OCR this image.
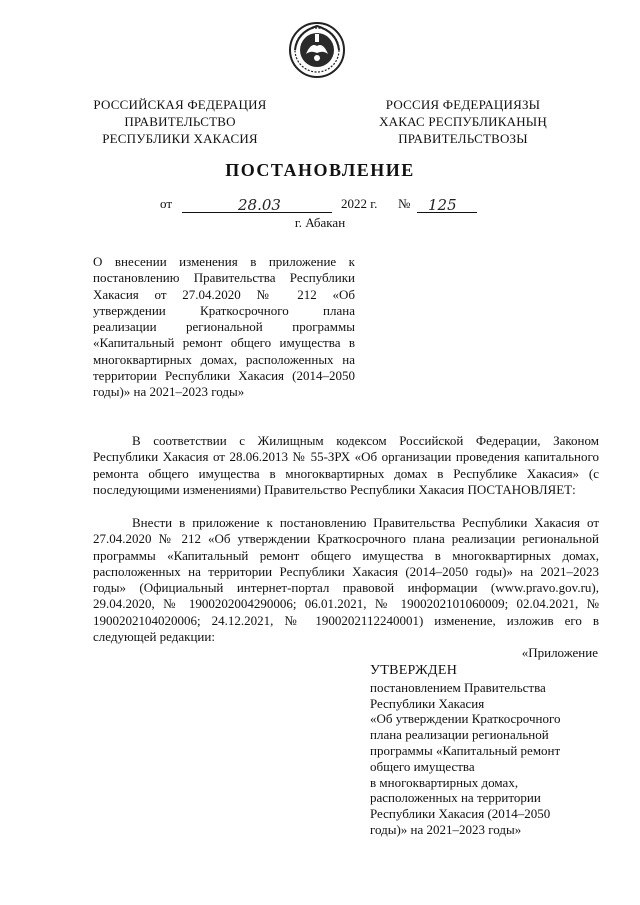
РОССИЙСКАЯ ФЕДЕРАЦИЯ
ПРАВИТЕЛЬСТВО
РЕСПУБЛИКИ ХАКАСИЯ
РОССИЯ ФЕДЕРАЦИЯЗЫ
ХАКАС РЕСПУБЛИКАНЫҢ
ПРАВИТЕЛЬСТВОЗЫ
ПОСТАНОВЛЕНИЕ
от	28.03	2022 г. № 125
г. Абакан
О внесении изменения в приложение к постановлению Правительства Республики Хакасия от 27.04.2020 № 212 «Об утверждении Краткосрочного плана реализации региональной программы «Капитальный ремонт общего имущества в многоквартирных домах, расположенных на территории Республики Хакасия (2014–2050 годы)» на 2021–2023 годы»
В соответствии с Жилищным кодексом Российской Федерации, Законом Республики Хакасия от 28.06.2013 № 55-ЗРХ «Об организации проведения капитального ремонта общего имущества в многоквартирных домах в Республике Хакасия» (с последующими изменениями) Правительство Республики Хакасия ПОСТАНОВЛЯЕТ:
Внести в приложение к постановлению Правительства Республики Хакасия от 27.04.2020 № 212 «Об утверждении Краткосрочного плана реализации региональной программы «Капитальный ремонт общего имущества в многоквартирных домах, расположенных на территории Республики Хакасия (2014–2050 годы)» на 2021–2023 годы» (Официальный интернет-портал правовой информации (www.pravo.gov.ru), 29.04.2020, № 1900202004290006; 06.01.2021, № 1900202101060009; 02.04.2021, № 1900202104020006; 24.12.2021, № 1900202112240001) изменение, изложив его в следующей редакции:
«Приложение
УТВЕРЖДЕН
постановлением Правительства
Республики Хакасия
«Об утверждении Краткосрочного
плана реализации региональной
программы «Капитальный ремонт
общего имущества
в многоквартирных домах,
расположенных на территории
Республики Хакасия (2014–2050
годы)» на 2021–2023 годы»
